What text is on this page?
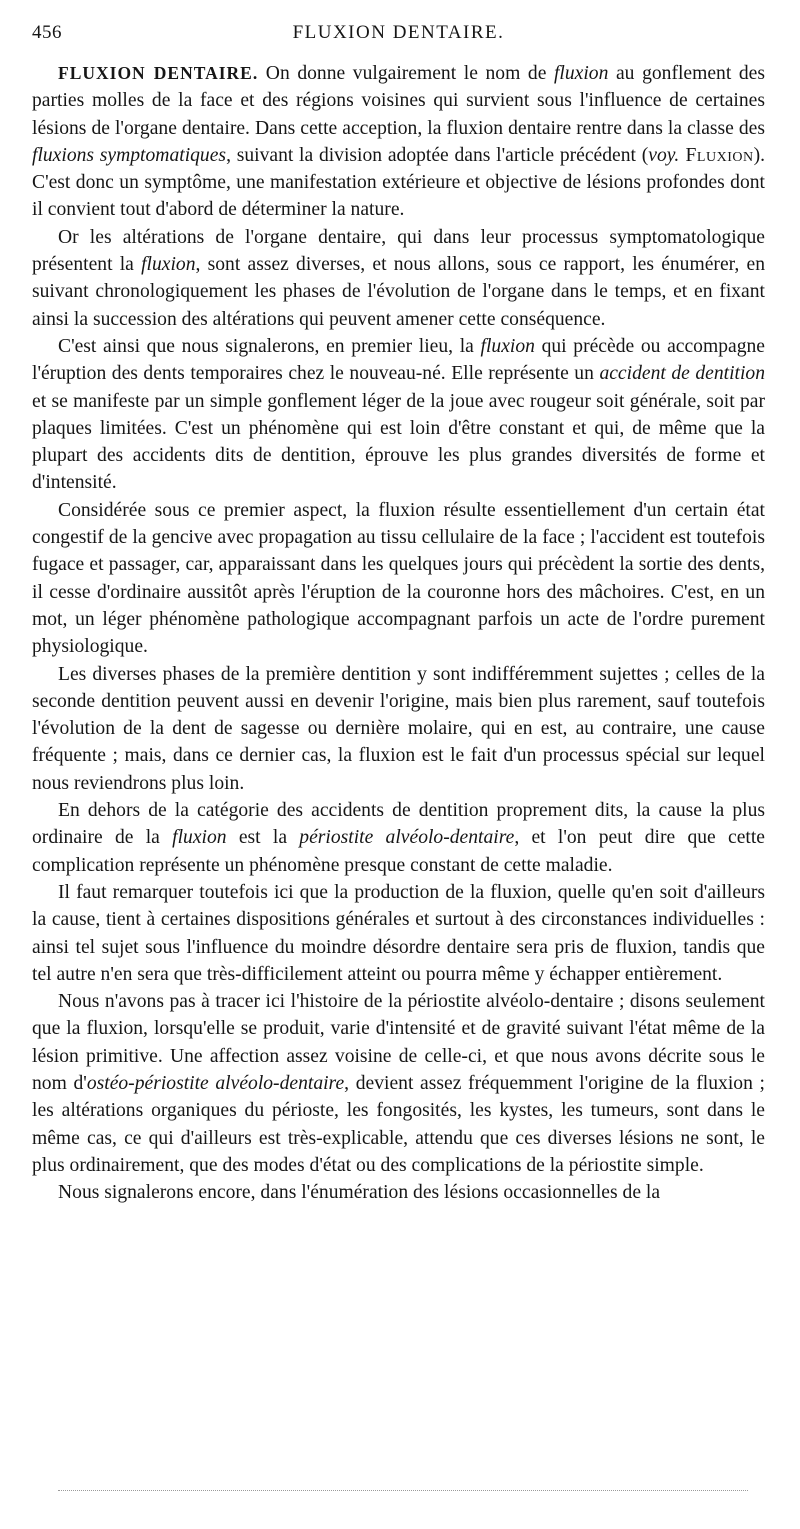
456	FLUXION DENTAIRE.

FLUXION DENTAIRE. On donne vulgairement le nom de fluxion au gonflement des parties molles de la face et des régions voisines qui survient sous l'influence de certaines lésions de l'organe dentaire. Dans cette acception, la fluxion dentaire rentre dans la classe des fluxions symptomatiques, suivant la division adoptée dans l'article précédent (voy. Fluxion). C'est donc un symptôme, une manifestation extérieure et objective de lésions profondes dont il convient tout d'abord de déterminer la nature.

Or les altérations de l'organe dentaire, qui dans leur processus symptomatologique présentent la fluxion, sont assez diverses, et nous allons, sous ce rapport, les énumérer, en suivant chronologiquement les phases de l'évolution de l'organe dans le temps, et en fixant ainsi la succession des altérations qui peuvent amener cette conséquence.

C'est ainsi que nous signalerons, en premier lieu, la fluxion qui précède ou accompagne l'éruption des dents temporaires chez le nouveau-né. Elle représente un accident de dentition et se manifeste par un simple gonflement léger de la joue avec rougeur soit générale, soit par plaques limitées. C'est un phénomène qui est loin d'être constant et qui, de même que la plupart des accidents dits de dentition, éprouve les plus grandes diversités de forme et d'intensité.

Considérée sous ce premier aspect, la fluxion résulte essentiellement d'un certain état congestif de la gencive avec propagation au tissu cellulaire de la face ; l'accident est toutefois fugace et passager, car, apparaissant dans les quelques jours qui précèdent la sortie des dents, il cesse d'ordinaire aussitôt après l'éruption de la couronne hors des mâchoires. C'est, en un mot, un léger phénomène pathologique accompagnant parfois un acte de l'ordre purement physiologique.

Les diverses phases de la première dentition y sont indifféremment sujettes ; celles de la seconde dentition peuvent aussi en devenir l'origine, mais bien plus rarement, sauf toutefois l'évolution de la dent de sagesse ou dernière molaire, qui en est, au contraire, une cause fréquente ; mais, dans ce dernier cas, la fluxion est le fait d'un processus spécial sur lequel nous reviendrons plus loin.

En dehors de la catégorie des accidents de dentition proprement dits, la cause la plus ordinaire de la fluxion est la périostite alvéolo-dentaire, et l'on peut dire que cette complication représente un phénomène presque constant de cette maladie.

Il faut remarquer toutefois ici que la production de la fluxion, quelle qu'en soit d'ailleurs la cause, tient à certaines dispositions générales et surtout à des circonstances individuelles : ainsi tel sujet sous l'influence du moindre désordre dentaire sera pris de fluxion, tandis que tel autre n'en sera que très-difficilement atteint ou pourra même y échapper entièrement.

Nous n'avons pas à tracer ici l'histoire de la périostite alvéolo-dentaire ; disons seulement que la fluxion, lorsqu'elle se produit, varie d'intensité et de gravité suivant l'état même de la lésion primitive. Une affection assez voisine de celle-ci, et que nous avons décrite sous le nom d'ostéo-périostite alvéolo-dentaire, devient assez fréquemment l'origine de la fluxion ; les altérations organiques du périoste, les fongosités, les kystes, les tumeurs, sont dans le même cas, ce qui d'ailleurs est très-explicable, attendu que ces diverses lésions ne sont, le plus ordinairement, que des modes d'état ou des complications de la périostite simple.

Nous signalerons encore, dans l'énumération des lésions occasionnelles de la
